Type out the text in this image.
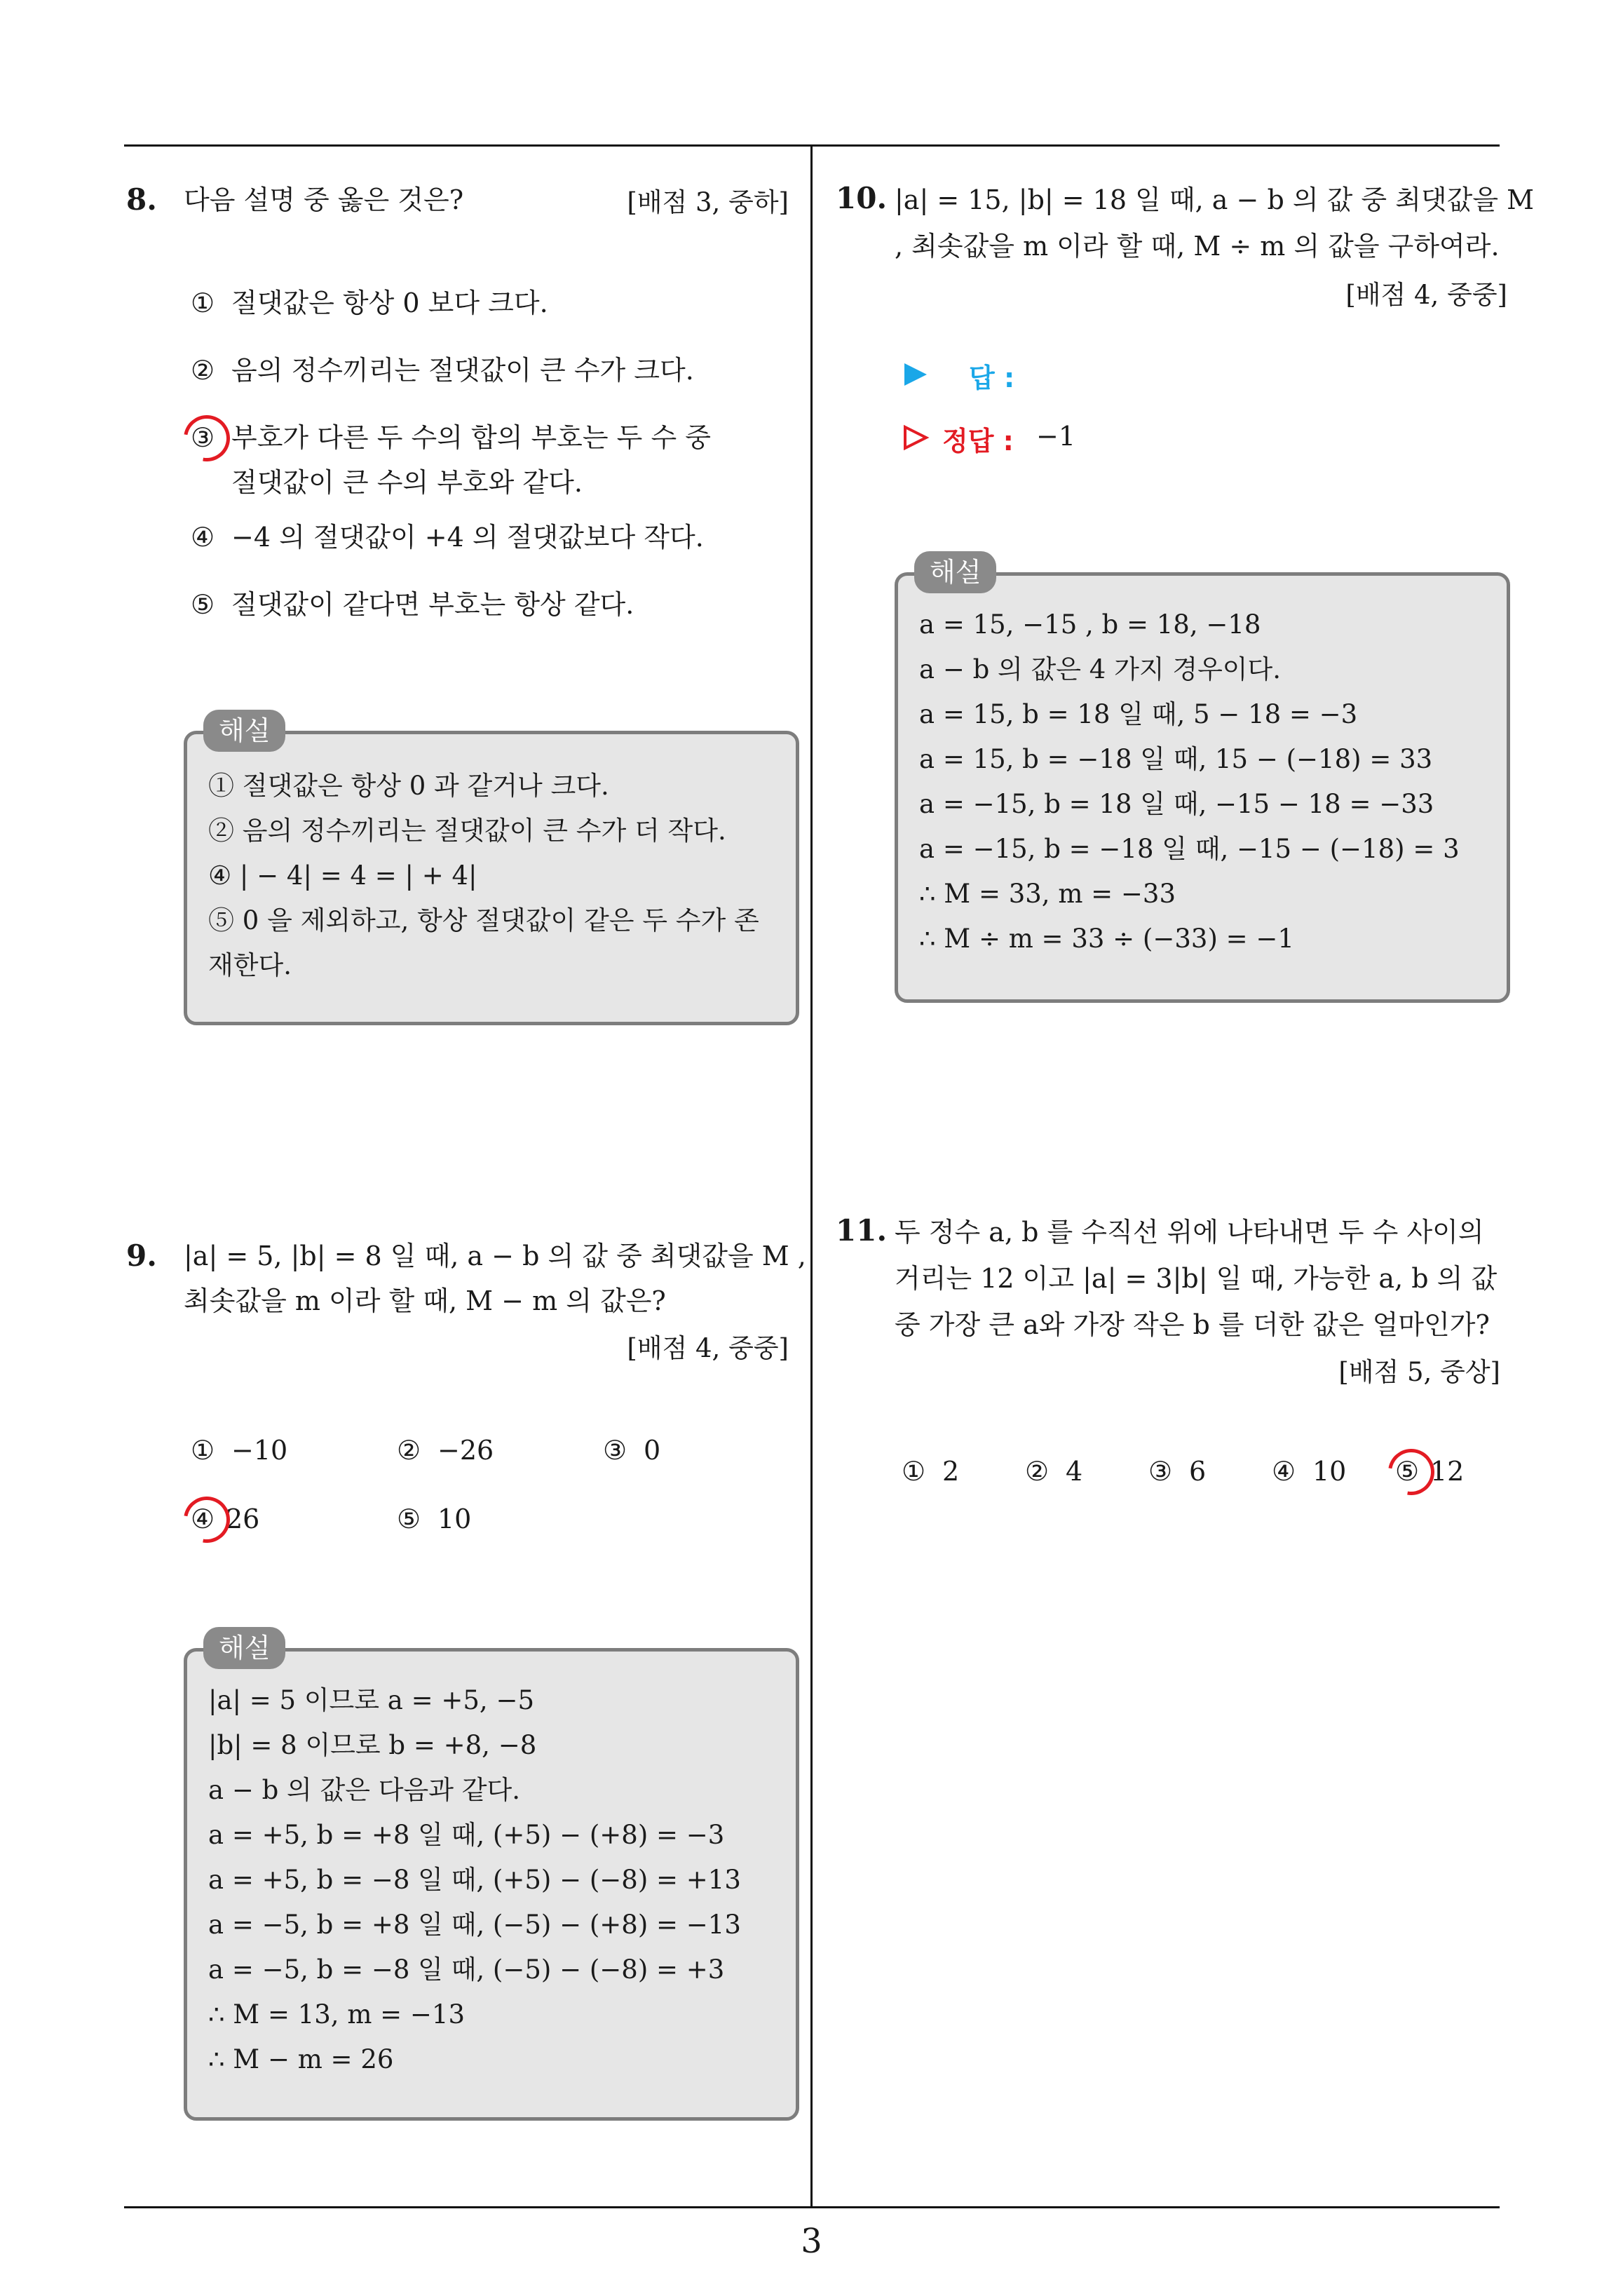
8. 다음 설명 중 옳은 것은?	[배점 3, 중하]
① 절댓값은 항상 0 보다 크다.
② 음의 정수끼리는 절댓값이 큰 수가 크다.
③ 부호가 다른 두 수의 합의 부호는 두 수 중
절댓값이 큰 수의 부호와 같다.
④ −4 의 절댓값이 +4 의 절댓값보다 작다.
⑤ 절댓값이 같다면 부호는 항상 같다.
① 절댓값은 항상 0 과 같거나 크다.
② 음의 정수끼리는 절댓값이 큰 수가 더 작다.
④ | − 4| = 4 = | + 4|
⑤ 0 을 제외하고, 항상 절댓값이 같은 두 수가 존
재한다.
해설
9. |a| = 5, |b| = 8 일 때, a − b 의 값 중 최댓값을 M ,
최솟값을 m 이라 할 때, M − m 의 값은?
[배점 4, 중중]
① −10	② −26	③ 0
④ 26	⑤ 10
|a| = 5 이므로 a = +5, −5
|b| = 8 이므로 b = +8, −8
a − b 의 값은 다음과 같다.
a = +5, b = +8 일 때, (+5) − (+8) = −3
a = +5, b = −8 일 때, (+5) − (−8) = +13
a = −5, b = +8 일 때, (−5) − (+8) = −13
a = −5, b = −8 일 때, (−5) − (−8) = +3
∴ M = 13, m = −13
∴ M − m = 26
해설
10. |a| = 15, |b| = 18 일 때, a − b 의 값 중 최댓값을 M
, 최솟값을 m 이라 할 때, M ÷ m 의 값을 구하여라.
[배점 4, 중중]
답 :
정답 : −1
a = 15, −15 , b = 18, −18
a − b 의 값은 4 가지 경우이다.
a = 15, b = 18 일 때, 5 − 18 = −3
a = 15, b = −18 일 때, 15 − (−18) = 33
a = −15, b = 18 일 때, −15 − 18 = −33
a = −15, b = −18 일 때, −15 − (−18) = 3
∴ M = 33, m = −33
∴ M ÷ m = 33 ÷ (−33) = −1
해설
11. 두 정수 a, b 를 수직선 위에 나타내면 두 수 사이의
거리는 12 이고 |a| = 3|b| 일 때, 가능한 a, b 의 값
중 가장 큰 a와 가장 작은 b 를 더한 값은 얼마인가?
[배점 5, 중상]
① 2 ② 4 ③ 6 ④ 10 ⑤ 12
3
